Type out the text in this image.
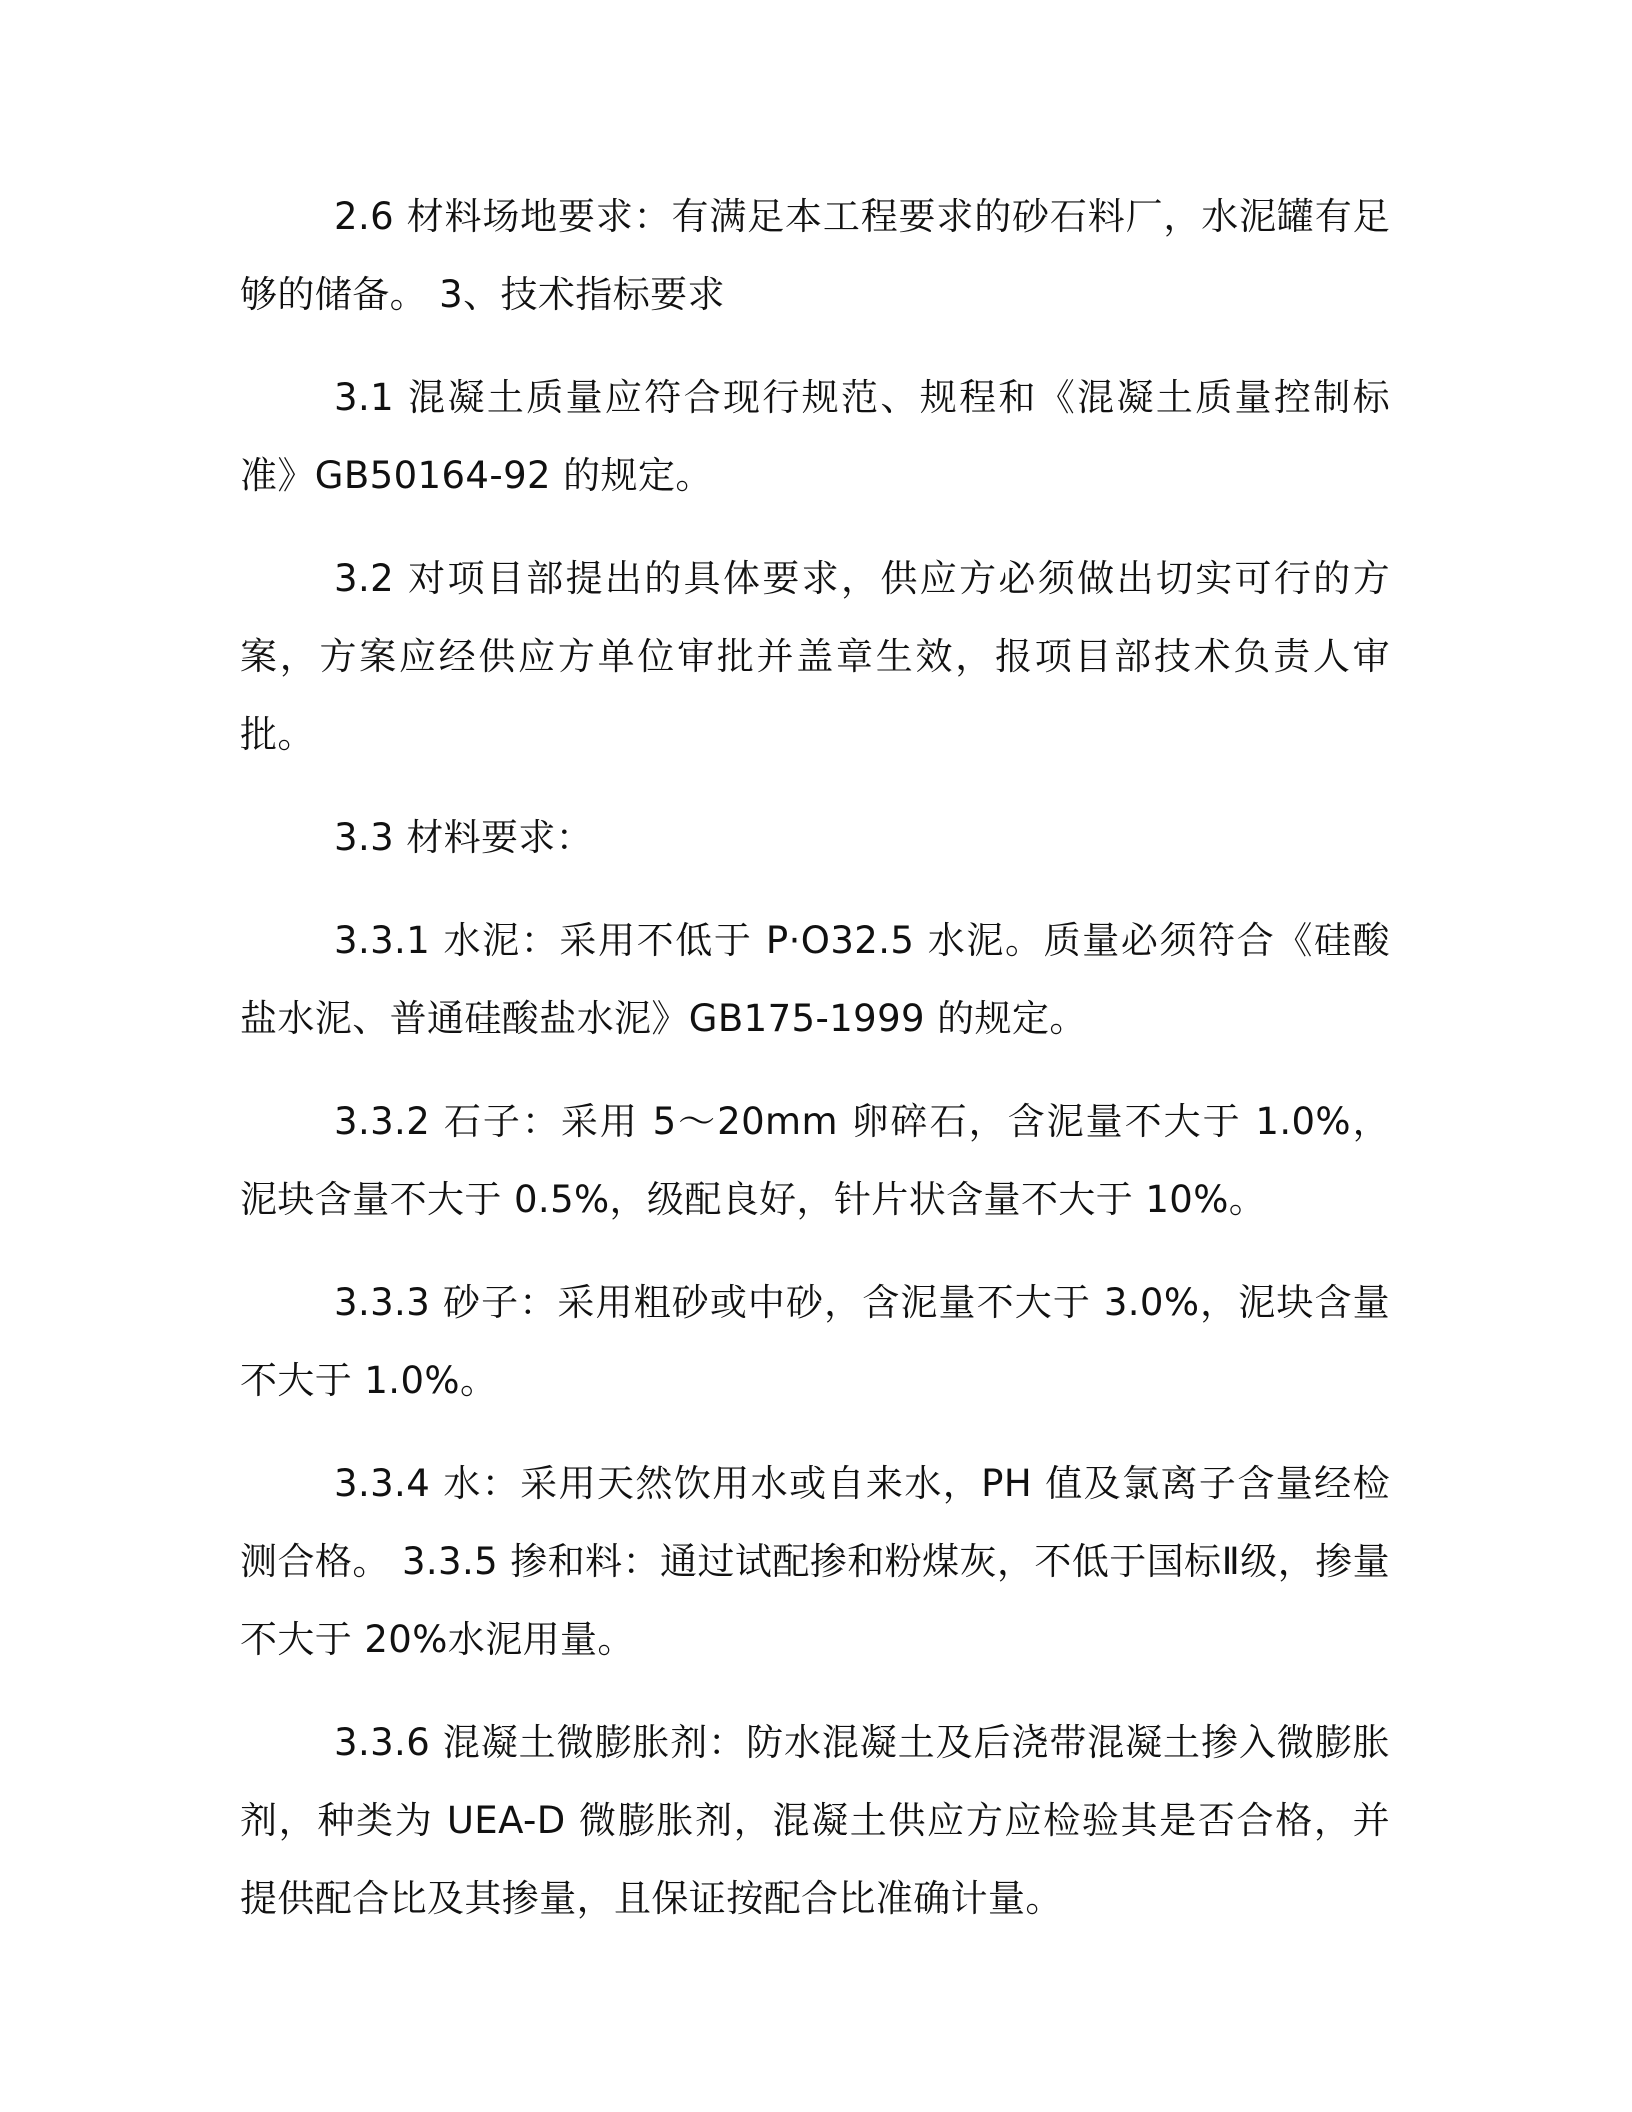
2.6 材料场地要求：有满足本工程要求的砂石料厂，水泥罐有足够的储备。 3、技术指标要求

3.1 混凝土质量应符合现行规范、规程和《混凝土质量控制标准》GB50164-92 的规定。

3.2 对项目部提出的具体要求，供应方必须做出切实可行的方案，方案应经供应方单位审批并盖章生效，报项目部技术负责人审批。

3.3 材料要求：

3.3.1 水泥：采用不低于 P·O32.5 水泥。质量必须符合《硅酸盐水泥、普通硅酸盐水泥》GB175-1999 的规定。

3.3.2 石子：采用 5～20mm 卵碎石，含泥量不大于 1.0%，泥块含量不大于 0.5%，级配良好，针片状含量不大于 10%。

3.3.3 砂子：采用粗砂或中砂，含泥量不大于 3.0%，泥块含量不大于 1.0%。

3.3.4 水：采用天然饮用水或自来水，PH 值及氯离子含量经检测合格。 3.3.5 掺和料：通过试配掺和粉煤灰，不低于国标Ⅱ级，掺量不大于 20%水泥用量。

3.3.6 混凝土微膨胀剂：防水混凝土及后浇带混凝土掺入微膨胀剂，种类为 UEA-D 微膨胀剂，混凝土供应方应检验其是否合格，并提供配合比及其掺量，且保证按配合比准确计量。
